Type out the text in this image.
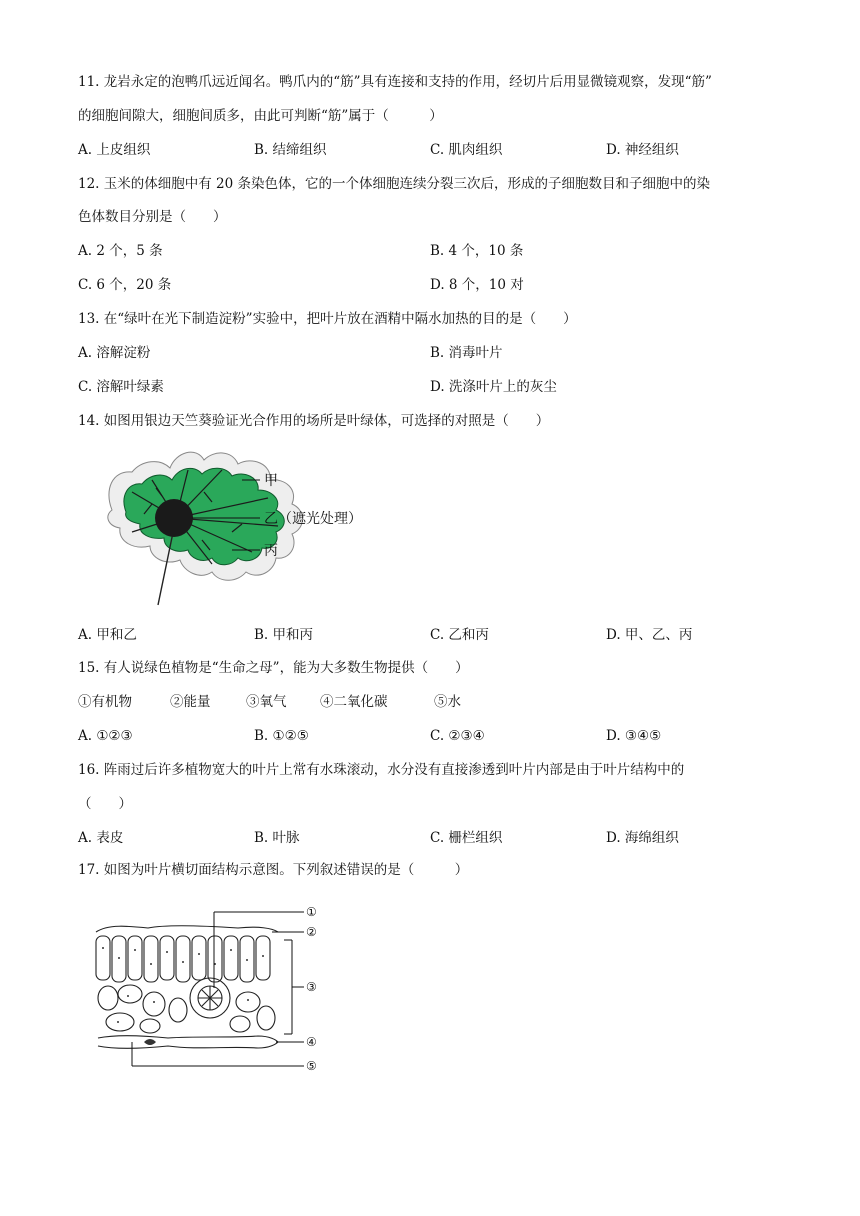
11. 龙岩永定的泡鸭爪远近闻名。鸭爪内的“筋”具有连接和支持的作用，经切片后用显微镜观察，发现“筋”
的细胞间隙大，细胞间质多，由此可判断“筋”属于（　　　）
A. 上皮组织	B. 结缔组织	C. 肌肉组织	D. 神经组织
12. 玉米的体细胞中有 20 条染色体，它的一个体细胞连续分裂三次后，形成的子细胞数目和子细胞中的染
色体数目分别是（　　）
A. 2 个，5 条	B. 4 个，10 条
C. 6 个，20 条	D. 8 个，10 对
13. 在“绿叶在光下制造淀粉”实验中，把叶片放在酒精中隔水加热的目的是（　　）
A. 溶解淀粉	B. 消毒叶片
C. 溶解叶绿素	D. 洗涤叶片上的灰尘
14. 如图用银边天竺葵验证光合作用的场所是叶绿体，可选择的对照是（　　）
甲
乙（遮光处理）
丙
A. 甲和乙	B. 甲和丙	C. 乙和丙	D. 甲、乙、丙
15. 有人说绿色植物是“生命之母”，能为大多数生物提供（　　）
①有机物	②能量	③氧气 ④二氧化碳	⑤水
A. ①②③	B. ①②⑤	C. ②③④	D. ③④⑤
16. 阵雨过后许多植物宽大的叶片上常有水珠滚动，水分没有直接渗透到叶片内部是由于叶片结构中的
（　　）
A. 表皮	B. 叶脉	C. 栅栏组织	D. 海绵组织
17. 如图为叶片横切面结构示意图。下列叙述错误的是（　　　）
①
②
③
④
⑤
